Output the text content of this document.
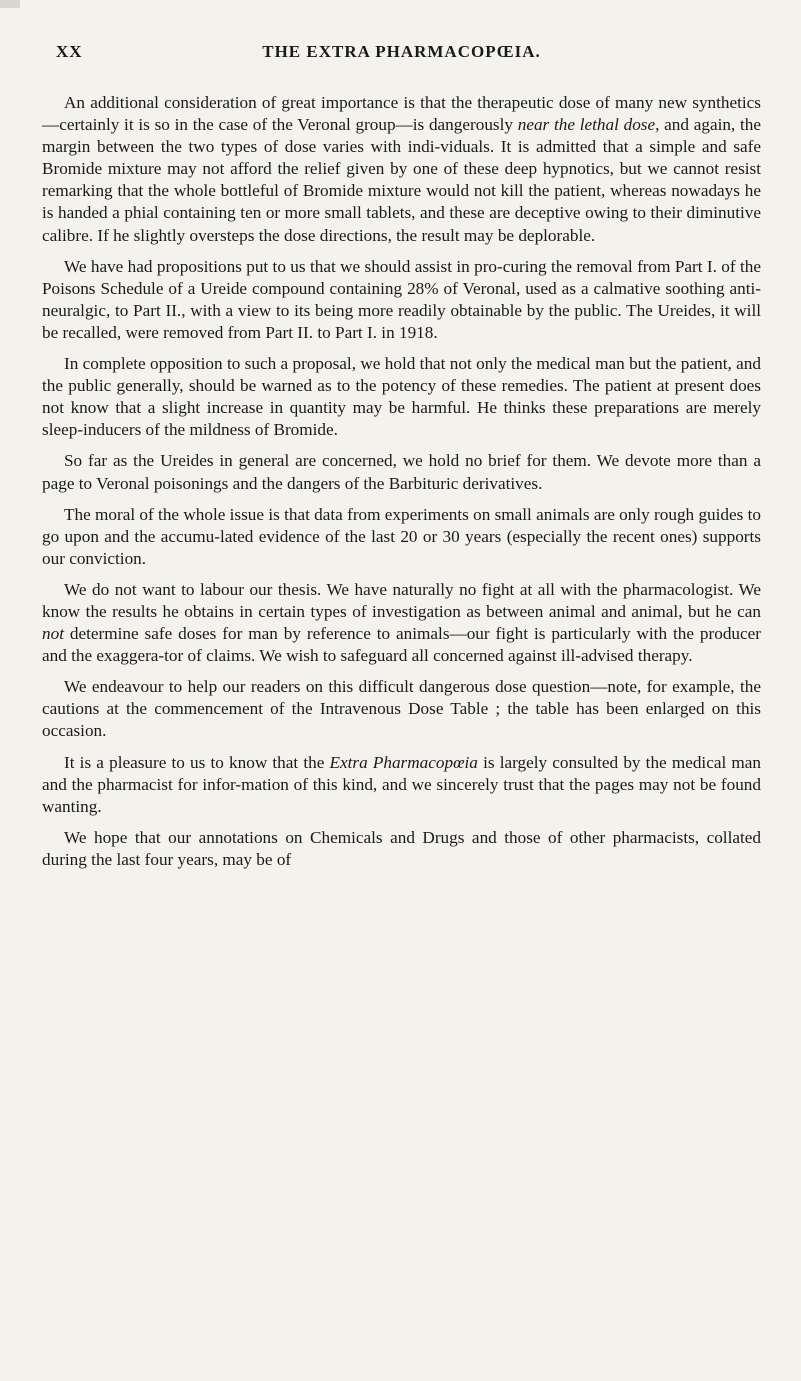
XX	THE EXTRA PHARMACOPŒIA.

An additional consideration of great importance is that the therapeutic dose of many new synthetics—certainly it is so in the case of the Veronal group—is dangerously near the lethal dose, and again, the margin between the two types of dose varies with indi-viduals. It is admitted that a simple and safe Bromide mixture may not afford the relief given by one of these deep hypnotics, but we cannot resist remarking that the whole bottleful of Bromide mixture would not kill the patient, whereas nowadays he is handed a phial containing ten or more small tablets, and these are deceptive owing to their diminutive calibre. If he slightly oversteps the dose directions, the result may be deplorable.

We have had propositions put to us that we should assist in pro-curing the removal from Part I. of the Poisons Schedule of a Ureide compound containing 28% of Veronal, used as a calmative soothing anti-neuralgic, to Part II., with a view to its being more readily obtainable by the public. The Ureides, it will be recalled, were removed from Part II. to Part I. in 1918.

In complete opposition to such a proposal, we hold that not only the medical man but the patient, and the public generally, should be warned as to the potency of these remedies. The patient at present does not know that a slight increase in quantity may be harmful. He thinks these preparations are merely sleep-inducers of the mildness of Bromide.

So far as the Ureides in general are concerned, we hold no brief for them. We devote more than a page to Veronal poisonings and the dangers of the Barbituric derivatives.

The moral of the whole issue is that data from experiments on small animals are only rough guides to go upon and the accumu-lated evidence of the last 20 or 30 years (especially the recent ones) supports our conviction.

We do not want to labour our thesis. We have naturally no fight at all with the pharmacologist. We know the results he obtains in certain types of investigation as between animal and animal, but he can not determine safe doses for man by reference to animals—our fight is particularly with the producer and the exaggera-tor of claims. We wish to safeguard all concerned against ill-advised therapy.

We endeavour to help our readers on this difficult dangerous dose question—note, for example, the cautions at the commencement of the Intravenous Dose Table ; the table has been enlarged on this occasion.

It is a pleasure to us to know that the Extra Pharmacopœia is largely consulted by the medical man and the pharmacist for infor-mation of this kind, and we sincerely trust that the pages may not be found wanting.

We hope that our annotations on Chemicals and Drugs and those of other pharmacists, collated during the last four years, may be of
